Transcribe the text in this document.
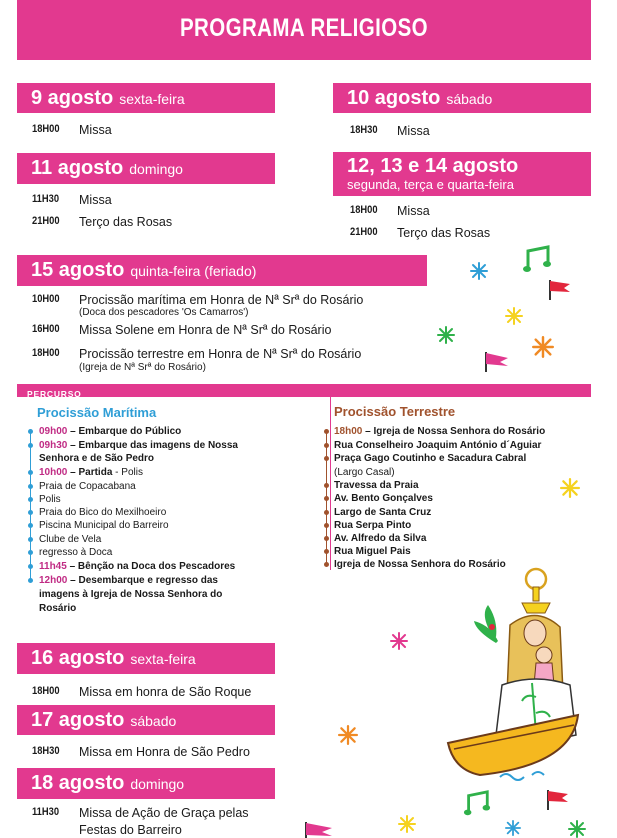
PROGRAMA RELIGIOSO
9 agosto sexta-feira
18H00 Missa
10 agosto sábado
18H30 Missa
11 agosto domingo
11H30 Missa
21H00 Terço das Rosas
12, 13 e 14 agosto
segunda, terça e quarta-feira
18H00 Missa
21H00 Terço das Rosas
15 agosto quinta-feira (feriado)
10H00 Procissão marítima em Honra de Nª Srª do Rosário
(Doca dos pescadores 'Os Camarros')
16H00 Missa Solene em Honra de Nª Srª do Rosário
18H00 Procissão terrestre em Honra de Nª Srª do Rosário
(Igreja de Nª Srª do Rosário)
PERCURSO
Procissão Marítima
09h00 – Embarque do Público
09h30 – Embarque das imagens de Nossa
Senhora e de São Pedro
10h00 – Partida - Polis
Praia de Copacabana
Polis
Praia do Bico do Mexilhoeiro
Piscina Municipal do Barreiro
Clube de Vela
regresso à Doca
11h45 – Bênção na Doca dos Pescadores
12h00 – Desembarque e regresso das
imagens à Igreja de Nossa Senhora do
Rosário
Procissão Terrestre
18h00 – Igreja de Nossa Senhora do Rosário
Rua Conselheiro Joaquim António d´Aguiar
Praça Gago Coutinho e Sacadura Cabral
(Largo Casal)
Travessa da Praia
Av. Bento Gonçalves
Largo de Santa Cruz
Rua Serpa Pinto
Av. Alfredo da Silva
Rua Miguel Pais
Igreja de Nossa Senhora do Rosário
16 agosto sexta-feira
18H00 Missa em honra de São Roque
17 agosto sábado
18H30 Missa em Honra de São Pedro
18 agosto domingo
11H30 Missa de Ação de Graça pelas
Festas do Barreiro
